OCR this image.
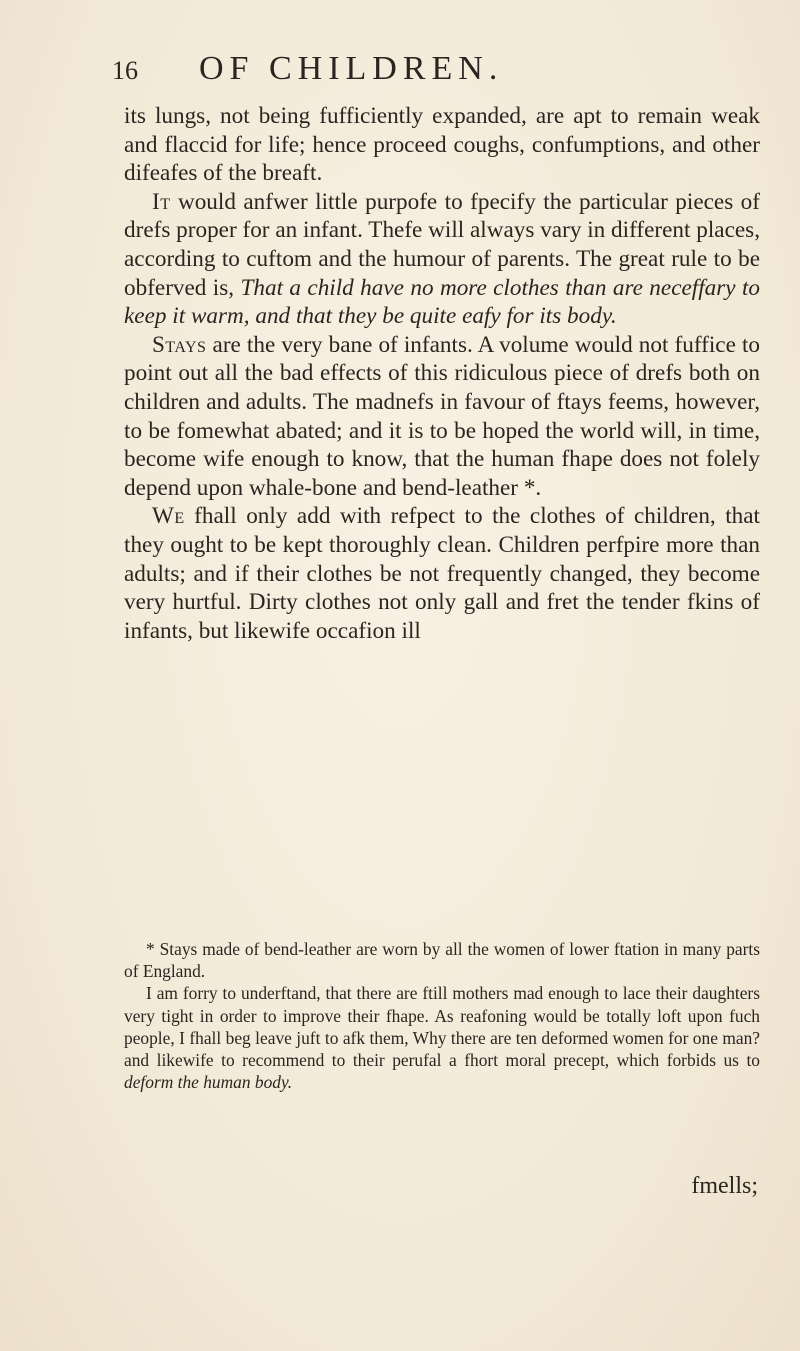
16 OF CHILDREN.

its lungs, not being fufficiently expanded, are apt to remain weak and flaccid for life; hence proceed coughs, confumptions, and other difeafes of the breaft.

It would anfwer little purpofe to fpecify the particular pieces of drefs proper for an infant. Thefe will always vary in different places, according to cuftom and the humour of parents. The great rule to be obferved is, That a child have no more clothes than are neceffary to keep it warm, and that they be quite eafy for its body.

Stays are the very bane of infants. A volume would not fuffice to point out all the bad effects of this ridiculous piece of drefs both on children and adults. The madnefs in favour of ftays feems, however, to be fomewhat abated; and it is to be hoped the world will, in time, become wife enough to know, that the human fhape does not folely depend upon whale-bone and bend-leather *.

We fhall only add with refpect to the clothes of children, that they ought to be kept thoroughly clean. Children perfpire more than adults; and if their clothes be not frequently changed, they become very hurtful. Dirty clothes not only gall and fret the tender fkins of infants, but likewife occafion ill

* Stays made of bend-leather are worn by all the women of lower ftation in many parts of England.

I am forry to underftand, that there are ftill mothers mad enough to lace their daughters very tight in order to improve their fhape. As reafoning would be totally loft upon fuch people, I fhall beg leave juft to afk them, Why there are ten deformed women for one man? and likewife to recommend to their perufal a fhort moral precept, which forbids us to deform the human body.

fmells;
